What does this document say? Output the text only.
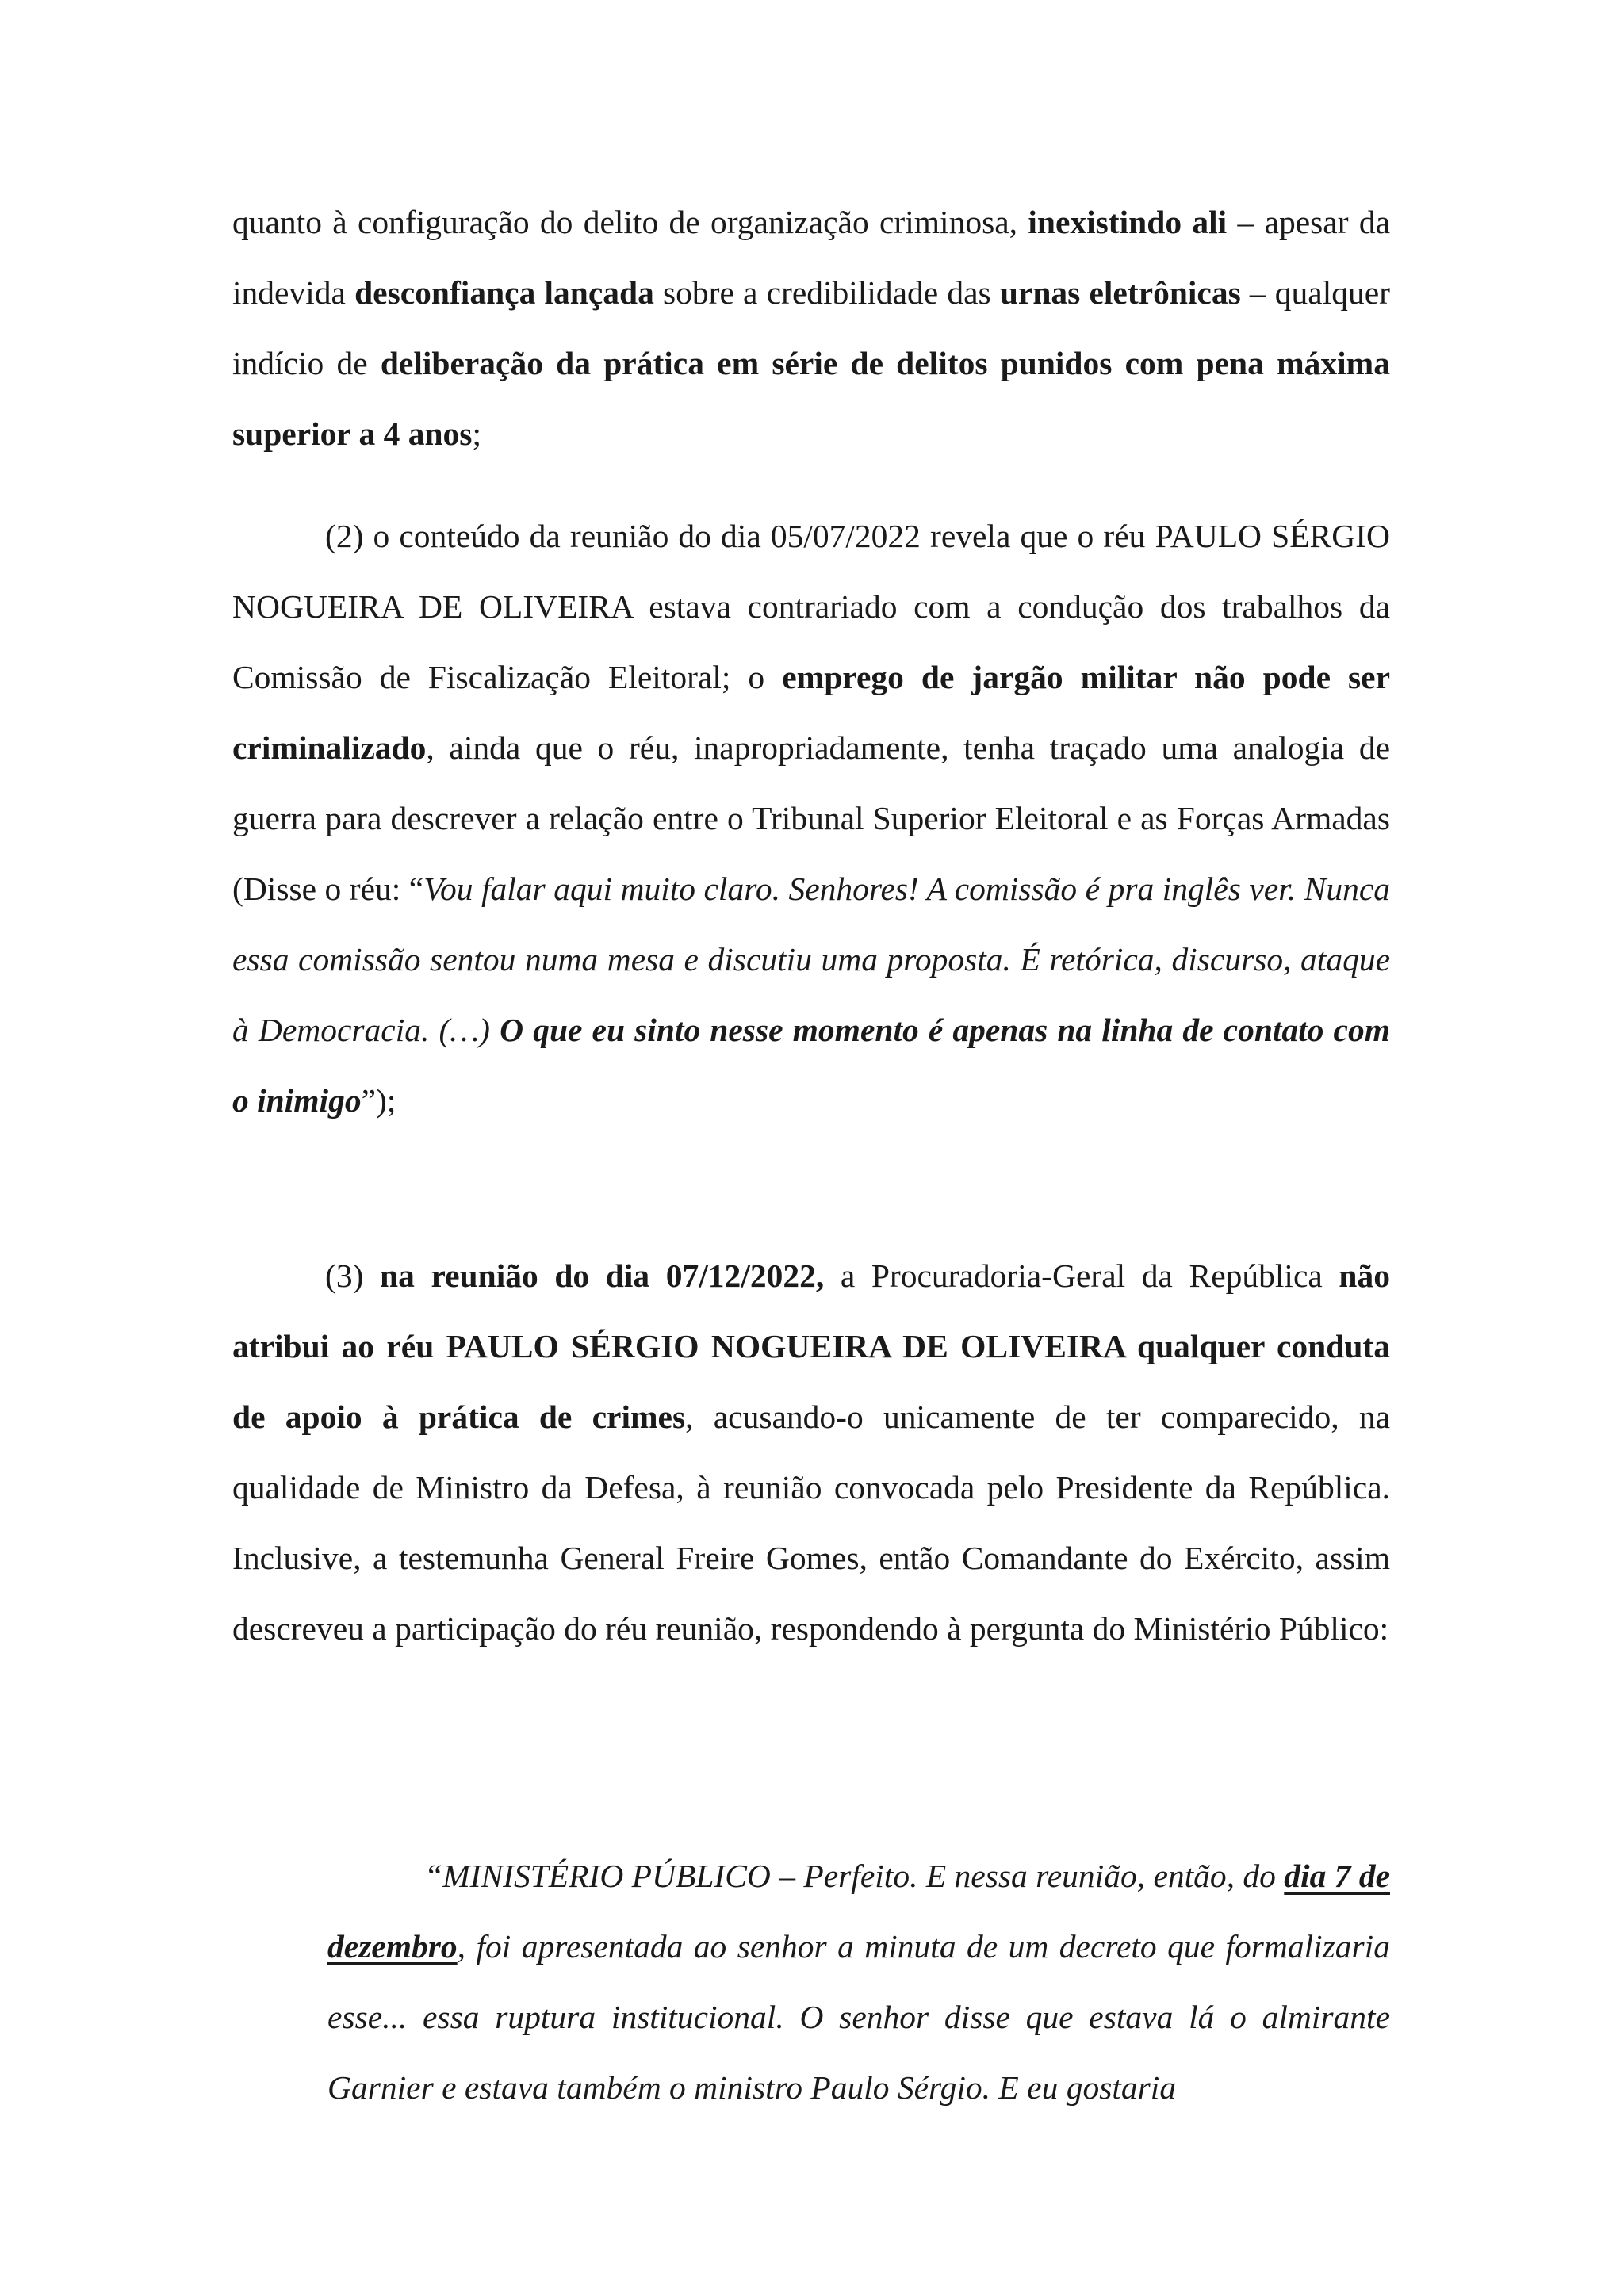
quanto à configuração do delito de organização criminosa, inexistindo ali – apesar da indevida desconfiança lançada sobre a credibilidade das urnas eletrônicas – qualquer indício de deliberação da prática em série de delitos punidos com pena máxima superior a 4 anos;

(2) o conteúdo da reunião do dia 05/07/2022 revela que o réu PAULO SÉRGIO NOGUEIRA DE OLIVEIRA estava contrariado com a condução dos trabalhos da Comissão de Fiscalização Eleitoral; o emprego de jargão militar não pode ser criminalizado, ainda que o réu, inapropriadamente, tenha traçado uma analogia de guerra para descrever a relação entre o Tribunal Superior Eleitoral e as Forças Armadas (Disse o réu: “Vou falar aqui muito claro. Senhores! A comissão é pra inglês ver. Nunca essa comissão sentou numa mesa e discutiu uma proposta. É retórica, discurso, ataque à Democracia. (…) O que eu sinto nesse momento é apenas na linha de contato com o inimigo”);

(3) na reunião do dia 07/12/2022, a Procuradoria-Geral da República não atribui ao réu PAULO SÉRGIO NOGUEIRA DE OLIVEIRA qualquer conduta de apoio à prática de crimes, acusando-o unicamente de ter comparecido, na qualidade de Ministro da Defesa, à reunião convocada pelo Presidente da República. Inclusive, a testemunha General Freire Gomes, então Comandante do Exército, assim descreveu a participação do réu reunião, respondendo à pergunta do Ministério Público:

“MINISTÉRIO PÚBLICO – Perfeito. E nessa reunião, então, do dia 7 de dezembro, foi apresentada ao senhor a minuta de um decreto que formalizaria esse... essa ruptura institucional. O senhor disse que estava lá o almirante Garnier e estava também o ministro Paulo Sérgio. E eu gostaria
